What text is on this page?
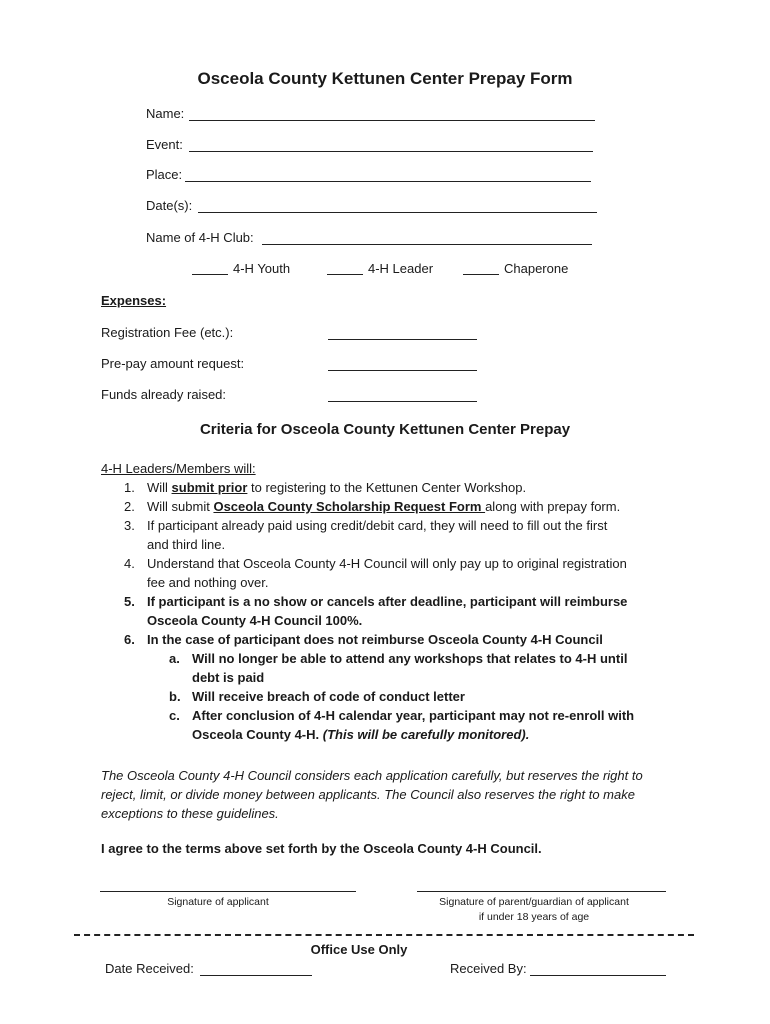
Osceola County Kettunen Center Prepay Form
Name:
Event:
Place:
Date(s):
Name of 4-H Club:
4-H Youth	4-H Leader	Chaperone
Expenses:
Registration Fee (etc.):
Pre-pay amount request:
Funds already raised:
Criteria for Osceola County Kettunen Center Prepay
4-H Leaders/Members will:
1. Will submit prior to registering to the Kettunen Center Workshop.
2. Will submit Osceola County Scholarship Request Form along with prepay form.
3. If participant already paid using credit/debit card, they will need to fill out the first
and third line.
4. Understand that Osceola County 4-H Council will only pay up to original registration
fee and nothing over.
5. If participant is a no show or cancels after deadline, participant will reimburse
Osceola County 4-H Council 100%.
6. In the case of participant does not reimburse Osceola County 4-H Council
a. Will no longer be able to attend any workshops that relates to 4-H until
debt is paid
b. Will receive breach of code of conduct letter
c. After conclusion of 4-H calendar year, participant may not re-enroll with
Osceola County 4-H. (This will be carefully monitored).
The Osceola County 4-H Council considers each application carefully, but reserves the right to
reject, limit, or divide money between applicants. The Council also reserves the right to make
exceptions to these guidelines.
I agree to the terms above set forth by the Osceola County 4-H Council.
Signature of applicant	Signature of parent/guardian of applicant
if under 18 years of age
Office Use Only
Date Received:	Received By:
